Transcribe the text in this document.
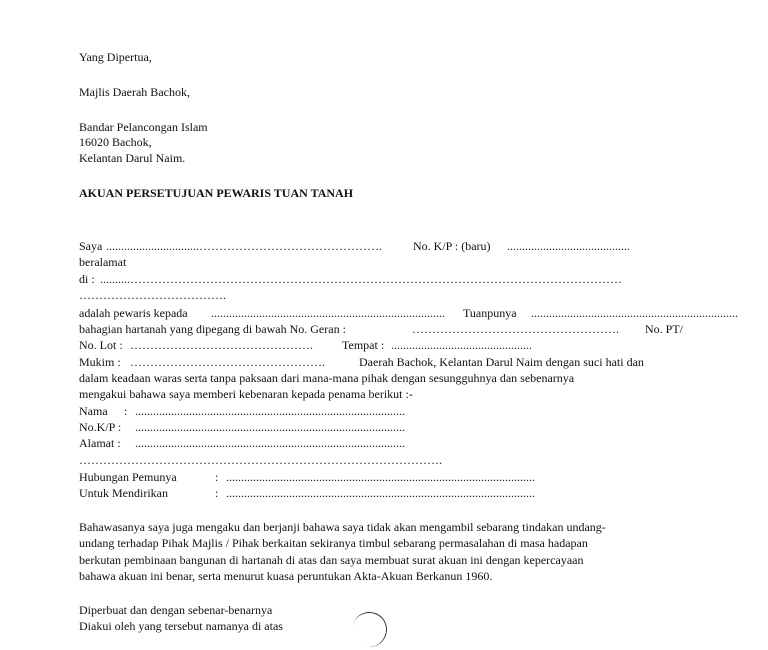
Yang Dipertua,
Majlis Daerah Bachok,
Bandar Pelancongan Islam
16020 Bachok,
Kelantan Darul Naim.
AKUAN PERSETUJUAN PEWARIS TUAN TANAH
Saya ...............................……………………………………….	No. K/P : (baru) .........................................
beralamat
di : ..........……………………………………………………………………………………………………………
……………………………….
adalah pewaris kepada .............................................................................. Tuanpunya .....................................................................
bahagian hartanah yang dipegang di bawah No. Geran :	……………………………………………. No. PT/
No. Lot : ………………………………………. Tempat : ...............................................
Mukim : ………………………………………….	Daerah Bachok, Kelantan Darul Naim dengan suci hati dan
dalam keadaan waras serta tanpa paksaan dari mana-mana pihak dengan sesungguhnya dan sebenarnya
mengakui bahawa saya memberi kebenaran kepada penama berikut :-
Nama : ..........................................................................................
No.K/P : ..........................................................................................
Alamat : ..........................................................................................
……………………………………………………………………………….
Hubungan Pemunya	: .......................................................................................................
Untuk Mendirikan	: .......................................................................................................
Bahawasanya saya juga mengaku dan berjanji bahawa saya tidak akan mengambil sebarang tindakan undang-
undang terhadap Pihak Majlis / Pihak berkaitan sekiranya timbul sebarang permasalahan di masa hadapan
berkutan pembinaan bangunan di hartanah di atas dan saya membuat surat akuan ini dengan kepercayaan
bahawa akuan ini benar, serta menurut kuasa peruntukan Akta-Akuan Berkanun 1960.
Diperbuat dan dengan sebenar-benarnya
Diakui oleh yang tersebut namanya di atas
